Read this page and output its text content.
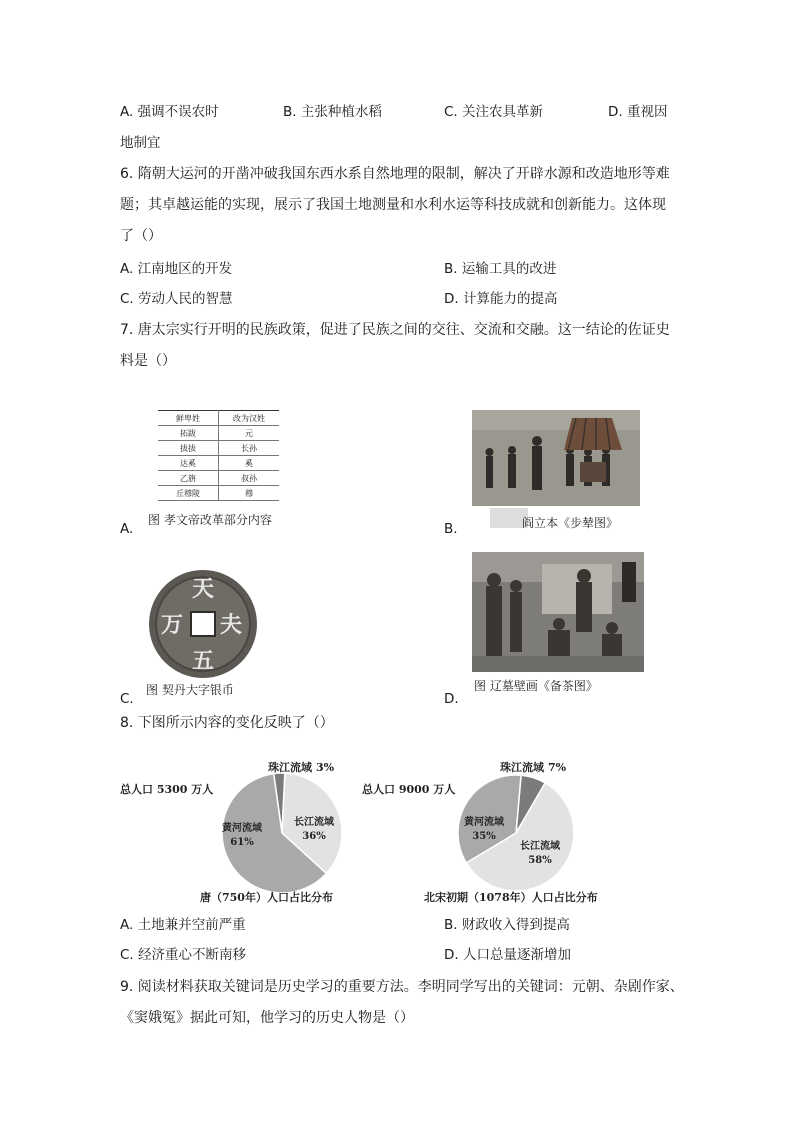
A. 强调不误农时	B. 主张种植水稻	C. 关注农具革新	D. 重视因
地制宜
6. 隋朝大运河的开凿冲破我国东西水系自然地理的限制，解决了开辟水源和改造地形等难
题；其卓越运能的实现，展示了我国土地测量和水利水运等科技成就和创新能力。这体现
了（）
A. 江南地区的开发	B. 运输工具的改进
C. 劳动人民的智慧	D. 计算能力的提高
7. 唐太宗实行开明的民族政策，促进了民族之间的交往、交流和交融。这一结论的佐证史
料是（）
鲜卑姓	改为汉姓
拓跋	元
拔拔	长孙
达奚	奚
乙旃	叔孙
丘穆陵	穆
图 孝文帝改革部分内容
A.	阎立本《步辇图》
B.
天
夫
五
万
图 契丹大字银币
C.
图 辽墓壁画《备茶图》
D.
8. 下图所示内容的变化反映了（）
总人口 5300 万人
珠江流域 3%
黄河流域
61%
长江流域
36%
唐（750年）人口占比分布
总人口 9000 万人
珠江流域 7%
黄河流域
35%
长江流域
58%
北宋初期（1078年）人口占比分布
A. 土地兼并空前严重	B. 财政收入得到提高
C. 经济重心不断南移	D. 人口总量逐渐增加
9. 阅读材料获取关键词是历史学习的重要方法。李明同学写出的关键词：元朝、杂剧作家、
《窦娥冤》据此可知，他学习的历史人物是（）
